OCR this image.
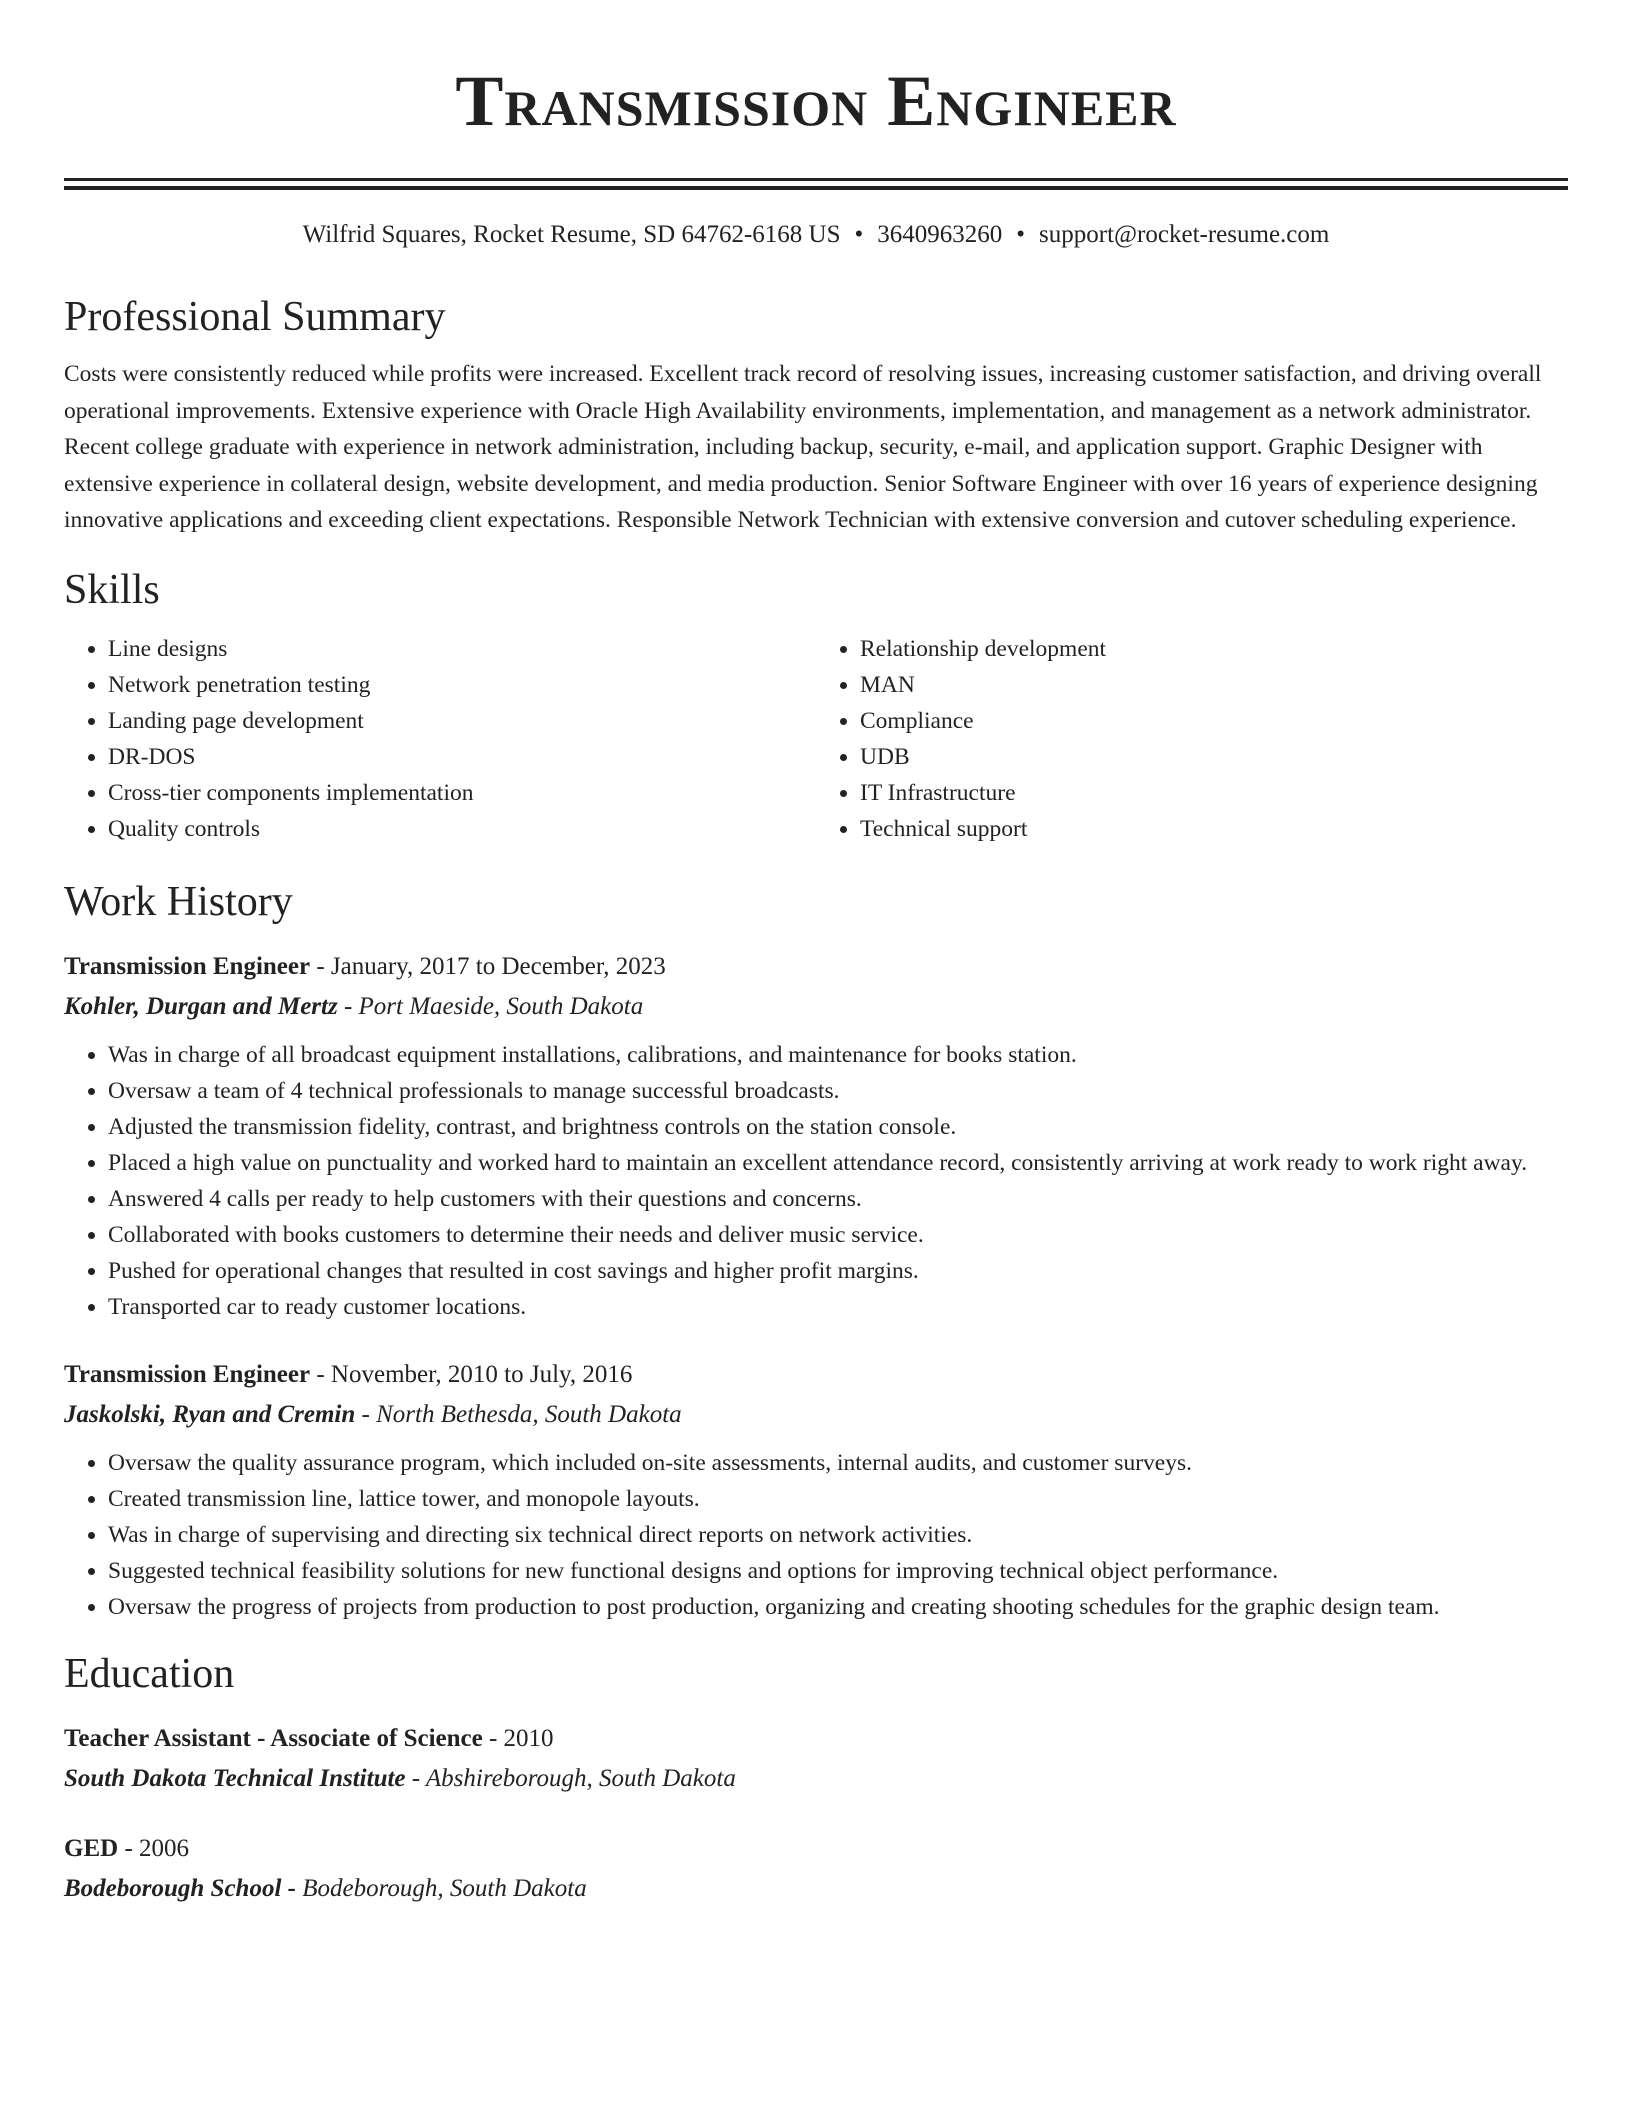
Transmission Engineer
Wilfrid Squares, Rocket Resume, SD 64762-6168 US • 3640963260 • support@rocket-resume.com
Professional Summary
Costs were consistently reduced while profits were increased. Excellent track record of resolving issues, increasing customer satisfaction, and driving overall operational improvements. Extensive experience with Oracle High Availability environments, implementation, and management as a network administrator. Recent college graduate with experience in network administration, including backup, security, e-mail, and application support. Graphic Designer with extensive experience in collateral design, website development, and media production. Senior Software Engineer with over 16 years of experience designing innovative applications and exceeding client expectations. Responsible Network Technician with extensive conversion and cutover scheduling experience.
Skills
• Line designs
• Network penetration testing
• Landing page development
• DR-DOS
• Cross-tier components implementation
• Quality controls
• Relationship development
• MAN
• Compliance
• UDB
• IT Infrastructure
• Technical support
Work History
Transmission Engineer - January, 2017 to December, 2023
Kohler, Durgan and Mertz - Port Maeside, South Dakota
• Was in charge of all broadcast equipment installations, calibrations, and maintenance for books station.
• Oversaw a team of 4 technical professionals to manage successful broadcasts.
• Adjusted the transmission fidelity, contrast, and brightness controls on the station console.
• Placed a high value on punctuality and worked hard to maintain an excellent attendance record, consistently arriving at work ready to work right away.
• Answered 4 calls per ready to help customers with their questions and concerns.
• Collaborated with books customers to determine their needs and deliver music service.
• Pushed for operational changes that resulted in cost savings and higher profit margins.
• Transported car to ready customer locations.
Transmission Engineer - November, 2010 to July, 2016
Jaskolski, Ryan and Cremin - North Bethesda, South Dakota
• Oversaw the quality assurance program, which included on-site assessments, internal audits, and customer surveys.
• Created transmission line, lattice tower, and monopole layouts.
• Was in charge of supervising and directing six technical direct reports on network activities.
• Suggested technical feasibility solutions for new functional designs and options for improving technical object performance.
• Oversaw the progress of projects from production to post production, organizing and creating shooting schedules for the graphic design team.
Education
Teacher Assistant - Associate of Science - 2010
South Dakota Technical Institute - Abshireborough, South Dakota
GED - 2006
Bodeborough School - Bodeborough, South Dakota
